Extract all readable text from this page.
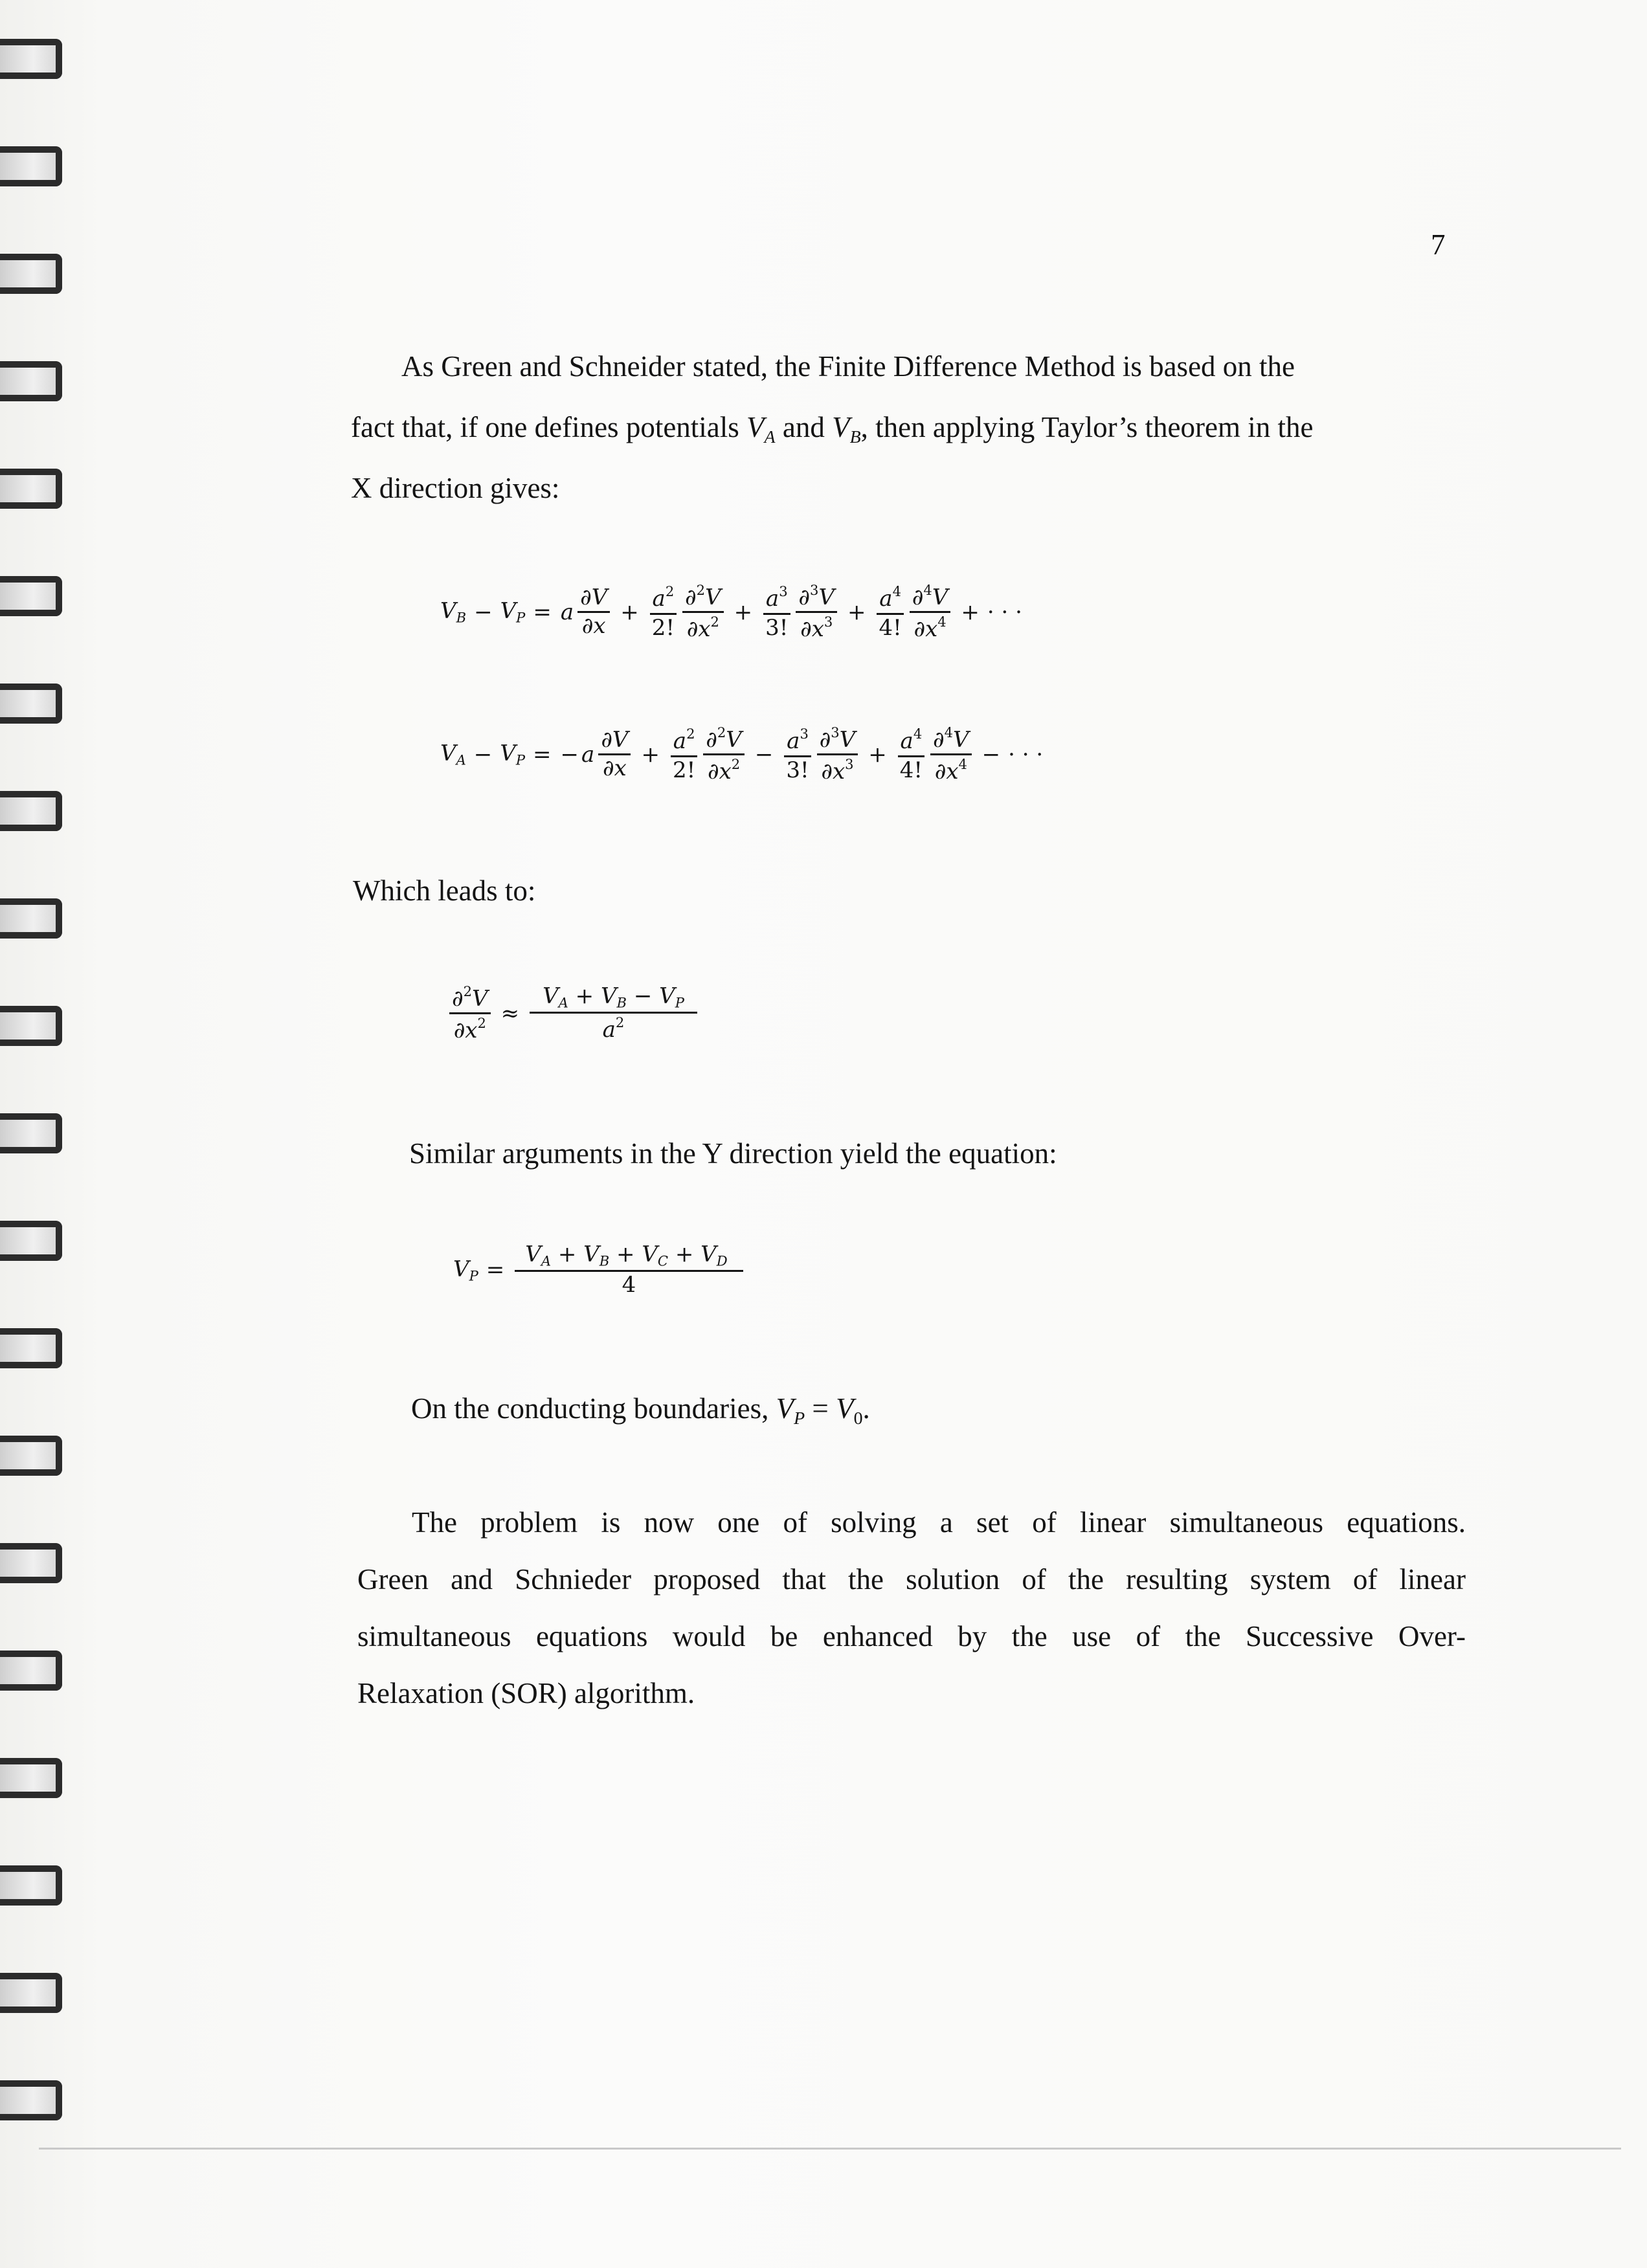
7
As Green and Schneider stated, the Finite Difference Method is based on the
fact that, if one defines potentials $V_A$ and $V_B$, then applying Taylor’s theorem in the
X direction gives:
$V_B - V_P = a \frac{\partial V}{\partial x} + \frac{a^2}{2!} \frac{\partial^2V}{\partial x^2} + \frac{a^3}{3!} \frac{\partial^3V}{\partial x^3} + \frac{a^4}{4!} \frac{\partial^4V}{\partial x^4}$ + · · ·
$V_A - V_P$ = − a $\frac{\partial V}{\partial x} + \frac{a^2}{2!} \frac{\partial^2V}{\partial x^2} - \frac{a^3}{3!} \frac{\partial^3V}{\partial x^3} + \frac{a^4}{4!} \frac{\partial^4V}{\partial x^4}$ − · · ·
Which leads to:
$\frac{\partial^2V}{\partial x^2} \approx \frac{V_A + V_B - V_P}{a^2}$
Similar arguments in the Y direction yield the equation:
$V_P = \frac{V_A + V_B + V_C + V_D}{4}$
On the conducting boundaries, $V_P = V_0$.
The problem is now one of solving a set of linear simultaneous equations.
Green and Schnieder proposed that the solution of the resulting system of linear
simultaneous equations would be enhanced by the use of the Successive Over-
Relaxation (SOR) algorithm.
